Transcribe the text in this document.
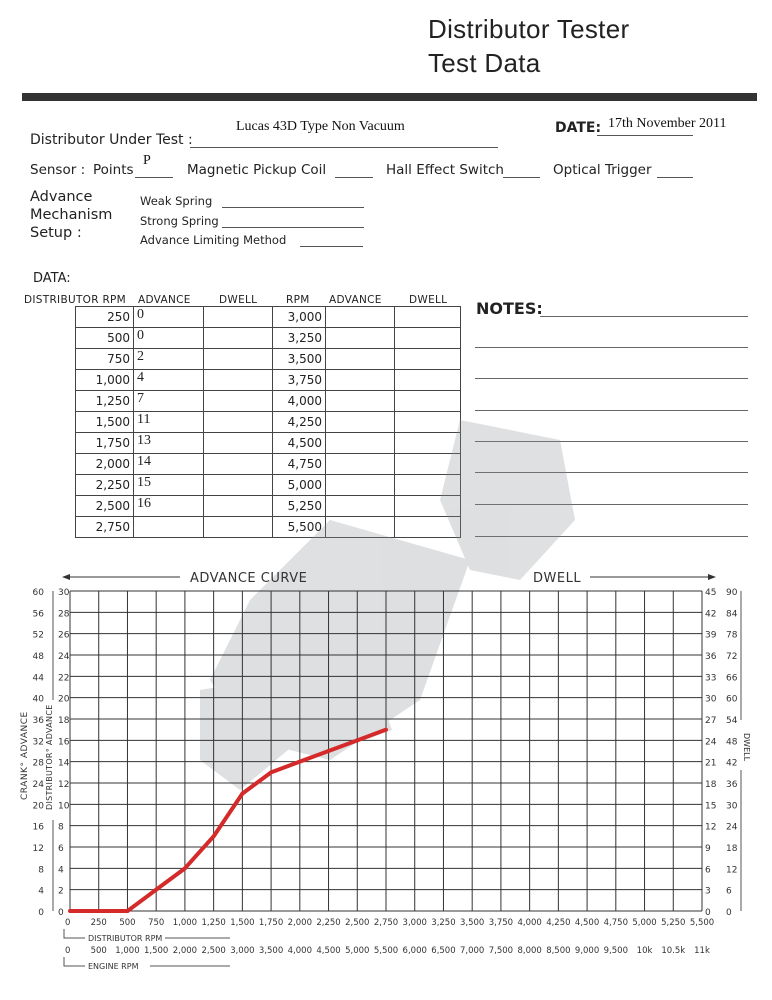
Distributor Tester
Test Data
Distributor Under Test :
Lucas 43D Type Non Vacuum	DATE: 17th November 2011
Sensor : Points
P
Magnetic Pickup Coil	Hall Effect Switch	Optical Trigger
Advance
Mechanism
Setup :
Weak Spring
Strong Spring
Advance Limiting Method
DATA:
DISTRIBUTOR RPM ADVANCE	DWELL	RPM ADVANCE	DWELL
250	0		3,000		
500	0		3,250		
750	2		3,500		
1,000	4		3,750		
1,250	7		4,000		
1,500	11		4,250		
1,750	13		4,500		
2,000	14		4,750		
2,250	15		5,000		
2,500	16		5,250		
2,750			5,500		
NOTES:
0 0	0 0
4 2	3 6
8 4	6 12
12 6	9 18
16 8	12 24
20 10	15 30
24 12	18 36
28 14	21 42
32 16	24 48
36 18	27 54
40 20	30 60
44 22	33 66
48 24	36 72
52 26	39 78
56 28	42 84
60 30	45 90
CRANK° ADVANCE DISTRIBUTOR° ADVANCE	DWELL
ADVANCE CURVE	DWELL
0
0
250
500
500
1,000
750
1,500
1,000
2,000
1,250
2,500
1,500
3,000
1,750
3,500
2,000
4,000
2,250
4,500
2,500
5,000
2,750
5,500
3,000
6,000
3,250
6,500
3,500
7,000
3,750
7,500
4,000
8,000
4,250
8,500
4,500
9,000
4,750
9,500
5,000
10k
5,250
10.5k
5,500
11k
DISTRIBUTOR RPM
ENGINE RPM
